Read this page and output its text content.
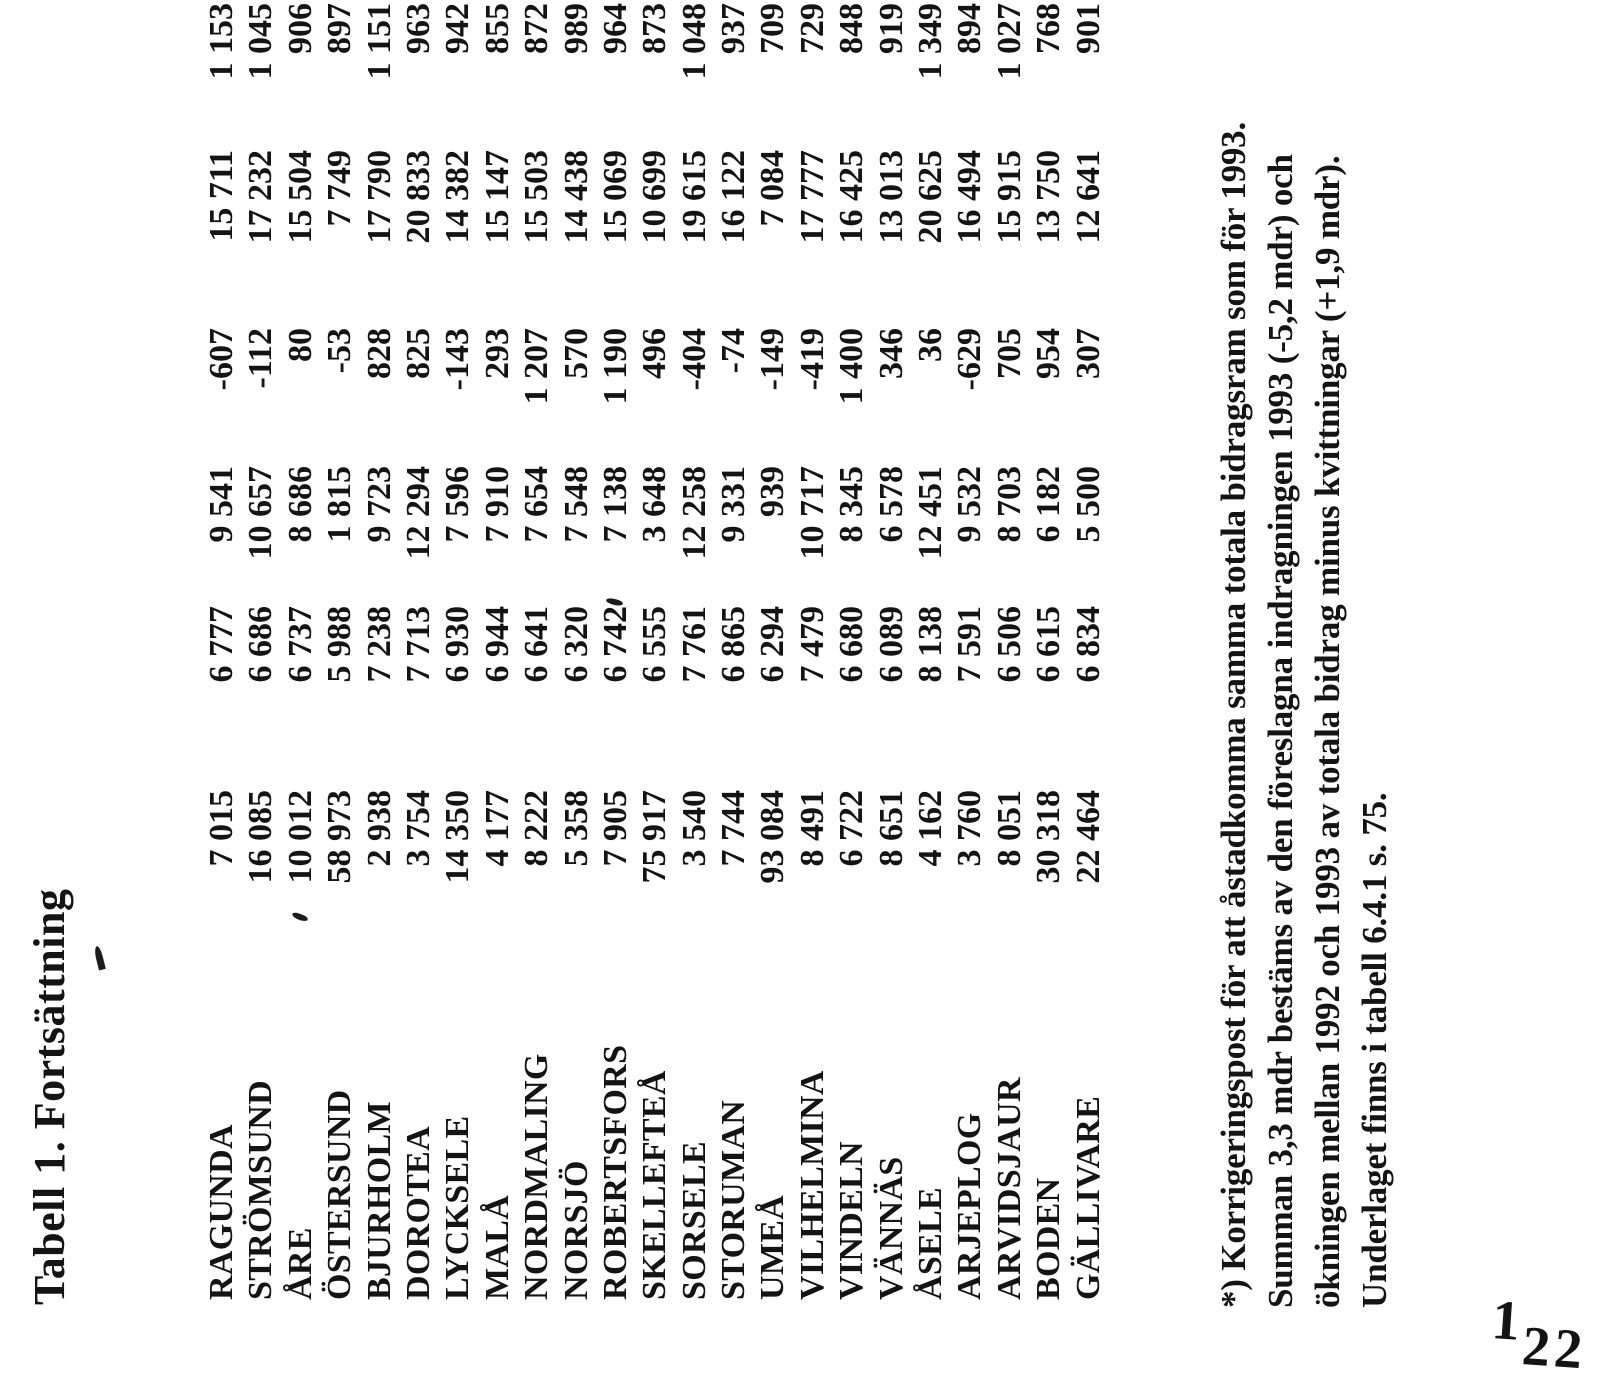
Tabell 1. Fortsättning	RAGUNDA
7 015
6 777
9 541
-607
15 711
1 153
STRÖMSUND
16 085
6 686
10 657
-112
17 232
1 045
ÅRE
10 012
6 737
8 686
80
15 504
906
ÖSTERSUND
58 973
5 988
1 815
-53
7 749
897
BJURHOLM
2 938
7 238
9 723
828
17 790
1 151
DOROTEA
3 754
7 713
12 294
825
20 833
963
LYCKSELE
14 350
6 930
7 596
-143
14 382
942
MALÅ
4 177
6 944
7 910
293
15 147
855
NORDMALING
8 222
6 641
7 654
1 207
15 503
872
NORSJÖ
5 358
6 320
7 548
570
14 438
989
ROBERTSFORS
7 905
6 742
7 138
1 190
15 069
964
SKELLEFTEÅ
75 917
6 555
3 648
496
10 699
873
SORSELE
3 540
7 761
12 258
-404
19 615
1 048
STORUMAN
7 744
6 865
9 331
-74
16 122
937
UMEÅ
93 084
6 294
939
-149
7 084
709
VILHELMINA
8 491
7 479
10 717
-419
17 777
729
VINDELN
6 722
6 680
8 345
1 400
16 425
848
VÄNNÄS
8 651
6 089
6 578
346
13 013
919
ÅSELE
4 162
8 138
12 451
36
20 625
1 349
ARJEPLOG
3 760
7 591
9 532
-629
16 494
894
ARVIDSJAUR
8 051
6 506
8 703
705
15 915
1 027
BODEN
30 318
6 615
6 182
954
13 750
768
GÄLLIVARE
22 464
6 834
5 500
307
12 641
901
*) Korrigeringspost för att åstadkomma samma totala bidragsram som för 1993. Summan 3,3 mdr bestäms av den föreslagna indragningen 1993 (-5,2 mdr) och ökningen mellan 1992 och 1993 av totala bidrag minus kvittningar (+1,9 mdr). Underlaget finns i tabell 6.4.1 s. 75.
122
